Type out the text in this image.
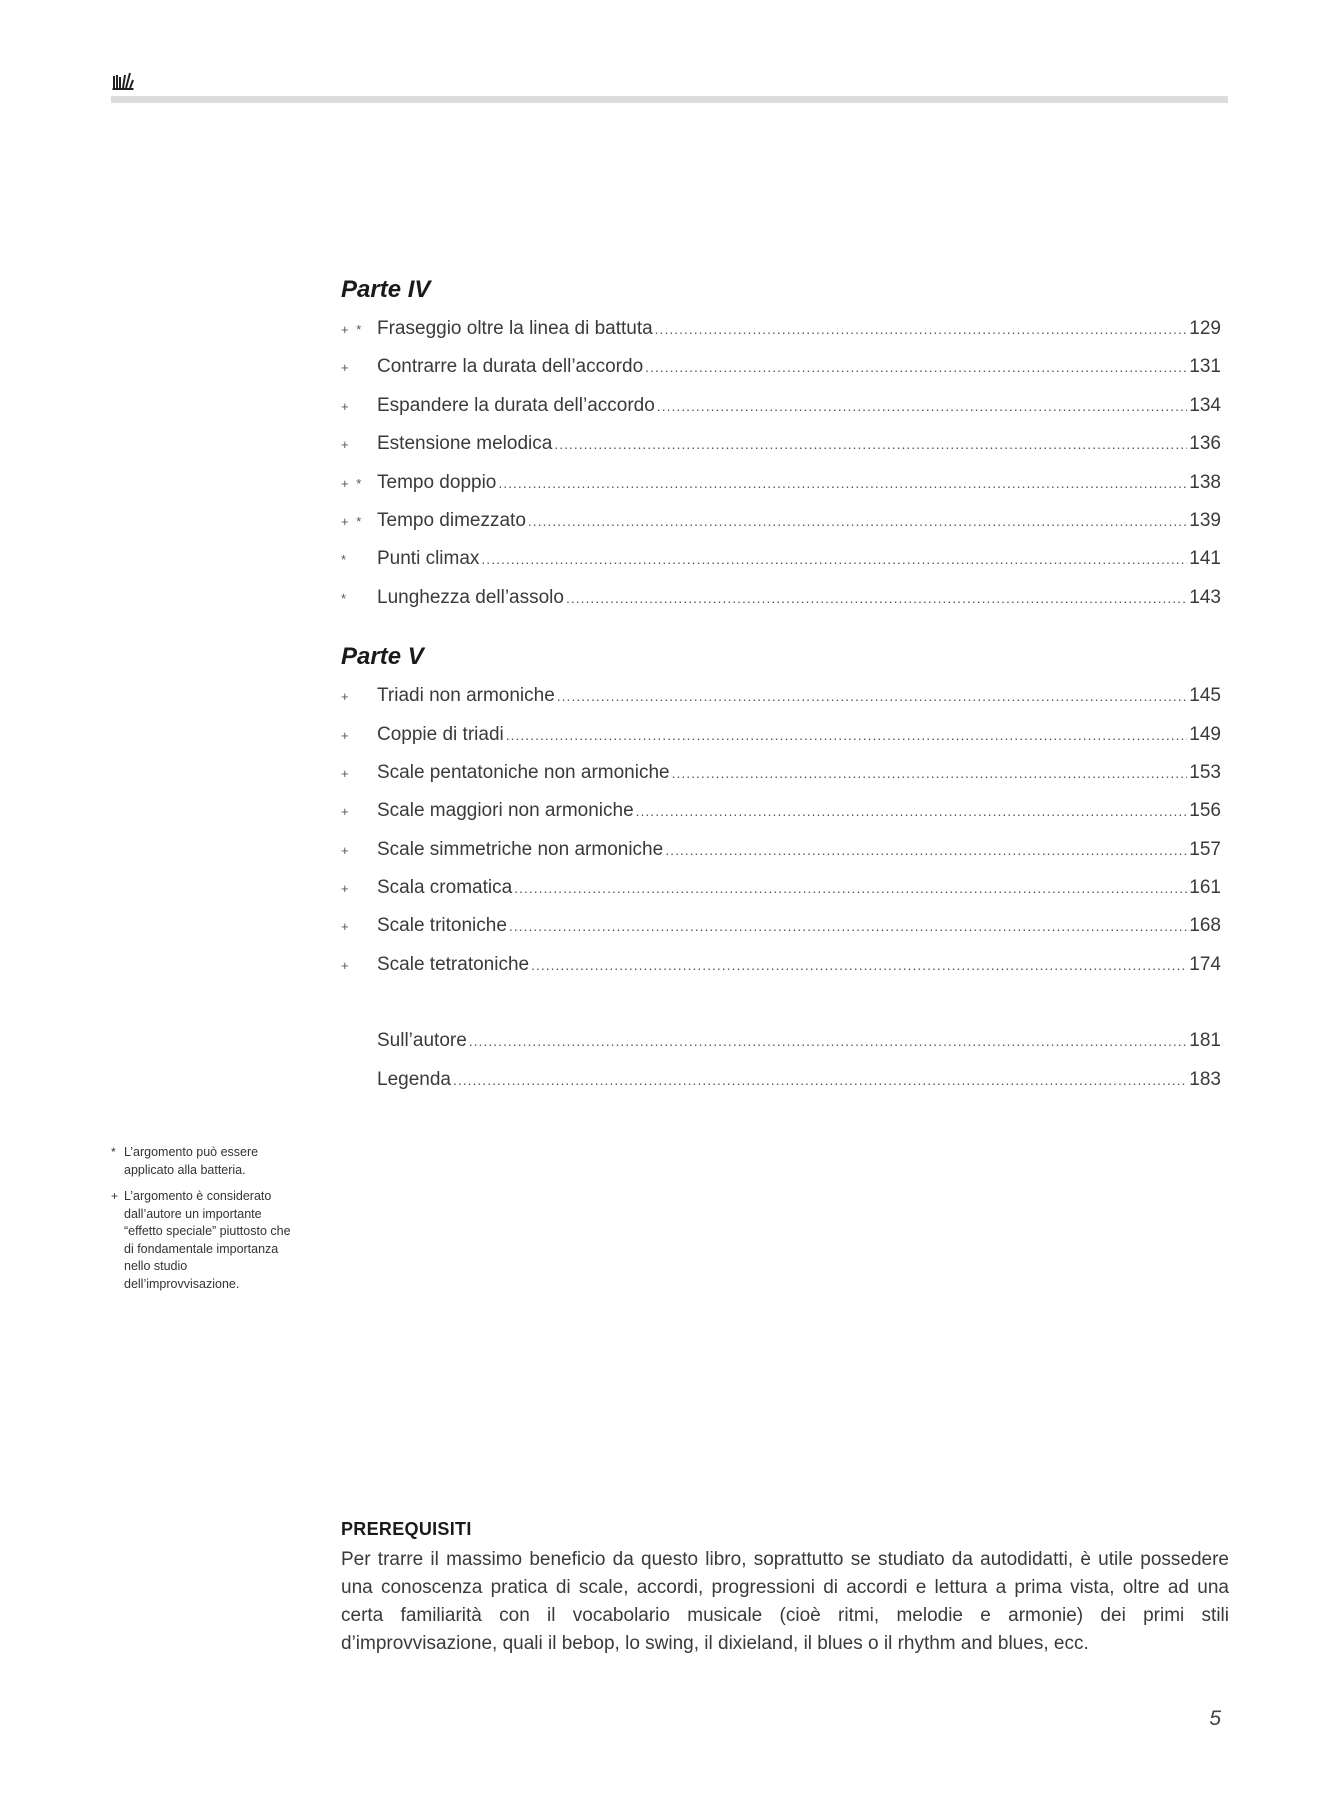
Parte IV
+ * Fraseggio oltre la linea di battuta .....	129
+	Contrarre la durata dell’accordo .....	131
+	Espandere la durata dell’accordo .....	134
+	Estensione melodica .....	136
+ * Tempo doppio .....	138
+ * Tempo dimezzato .....	139
*	Punti climax .....	141
*	Lunghezza dell’assolo .....	143
Parte V
+	Triadi non armoniche .....	145
+	Coppie di triadi .....	149
+	Scale pentatoniche non armoniche .....	153
+	Scale maggiori non armoniche .....	156
+	Scale simmetriche non armoniche .....	157
+	Scala cromatica .....	161
+	Scale tritoniche .....	168
+	Scale tetratoniche .....	174
Sull’autore .....	181
Legenda .....	183
* L’argomento può essere applicato alla batteria.
+ L’argomento è considerato dall’autore un importante “effetto speciale” piuttosto che di fondamentale importanza nello studio dell’improvvisazione.
PREREQUISITI

Per trarre il massimo beneficio da questo libro, soprattutto se studiato da autodidatti, è utile possedere una conoscenza pratica di scale, accordi, progressioni di accordi e lettura a prima vista, oltre ad una certa familiarità con il vocabolario musicale (cioè ritmi, melodie e armonie) dei primi stili d’improvvisazione, quali il bebop, lo swing, il dixieland, il blues o il rhythm and blues, ecc.

5
